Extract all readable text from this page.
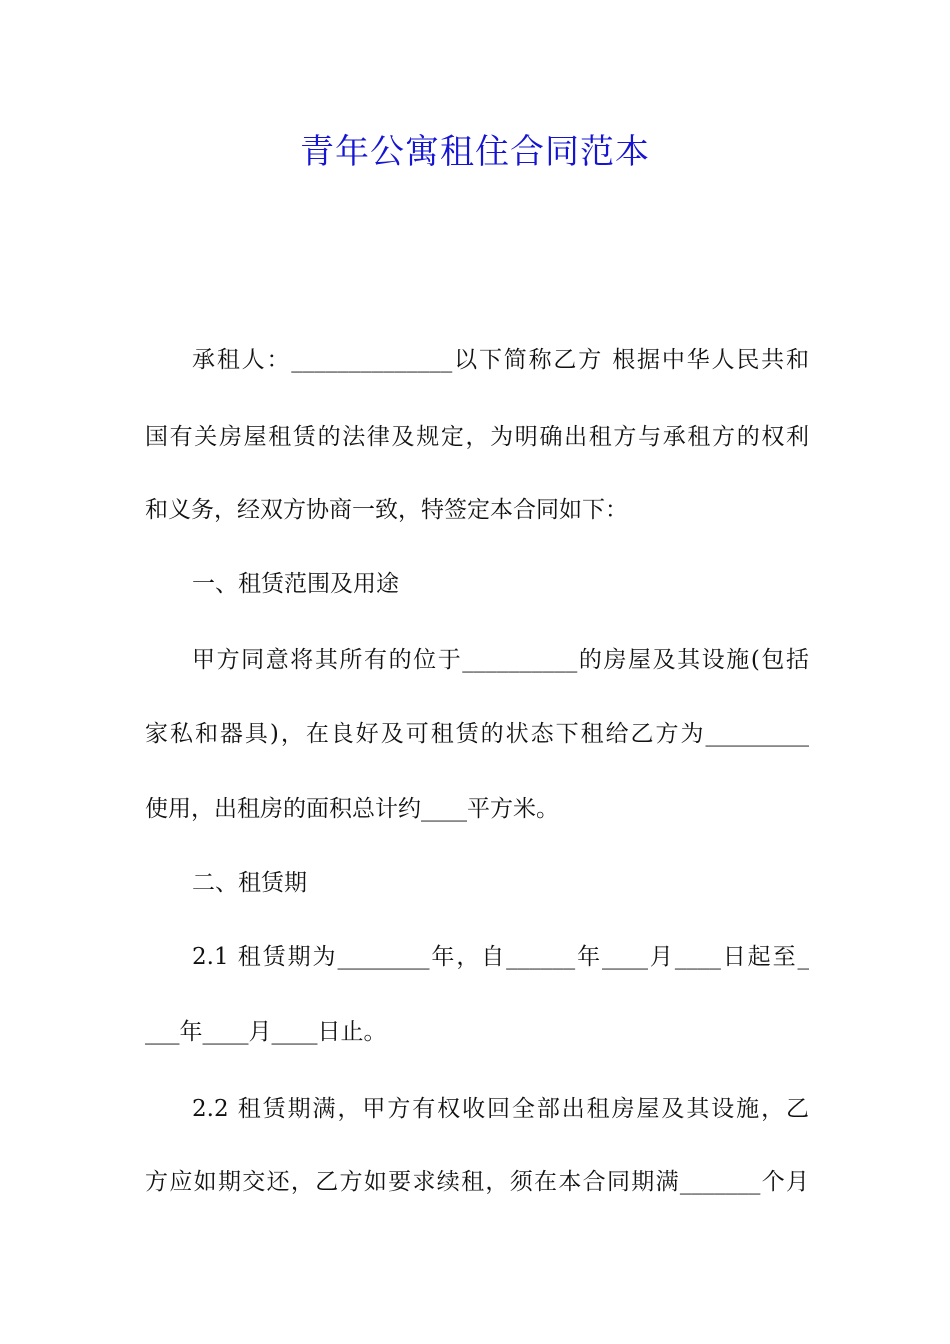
青年公寓租住合同范本

承租人：______________以下简称乙方 根据中华人民共和

国有关房屋租赁的法律及规定，为明确出租方与承租方的权利

和义务，经双方协商一致，特签定本合同如下：

一、租赁范围及用途

甲方同意将其所有的位于__________的房屋及其设施(包括

家私和器具)，在良好及可租赁的状态下租给乙方为_________

使用，出租房的面积总计约____平方米。

二、租赁期

2.1 租赁期为________年，自______年____月____日起至_

___年____月____日止。

2.2 租赁期满，甲方有权收回全部出租房屋及其设施，乙

方应如期交还，乙方如要求续租，须在本合同期满_______个月
